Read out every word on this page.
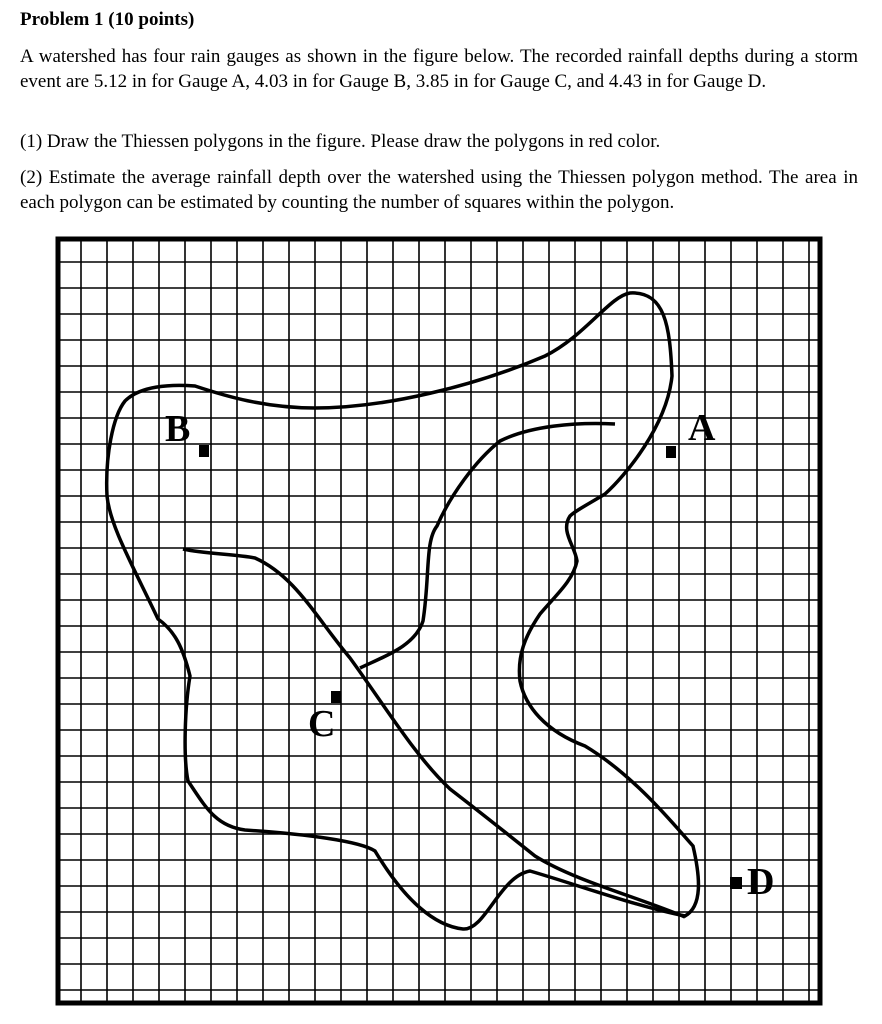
Problem 1 (10 points)

A watershed has four rain gauges as shown in the figure below. The recorded rainfall depths during a storm event are 5.12 in for Gauge A, 4.03 in for Gauge B, 3.85 in for Gauge C, and 4.43 in for Gauge D.

(1) Draw the Thiessen polygons in the figure. Please draw the polygons in red color.

(2) Estimate the average rainfall depth over the watershed using the Thiessen polygon method. The area in each polygon can be estimated by counting the number of squares within the polygon.

A
B
C
D
